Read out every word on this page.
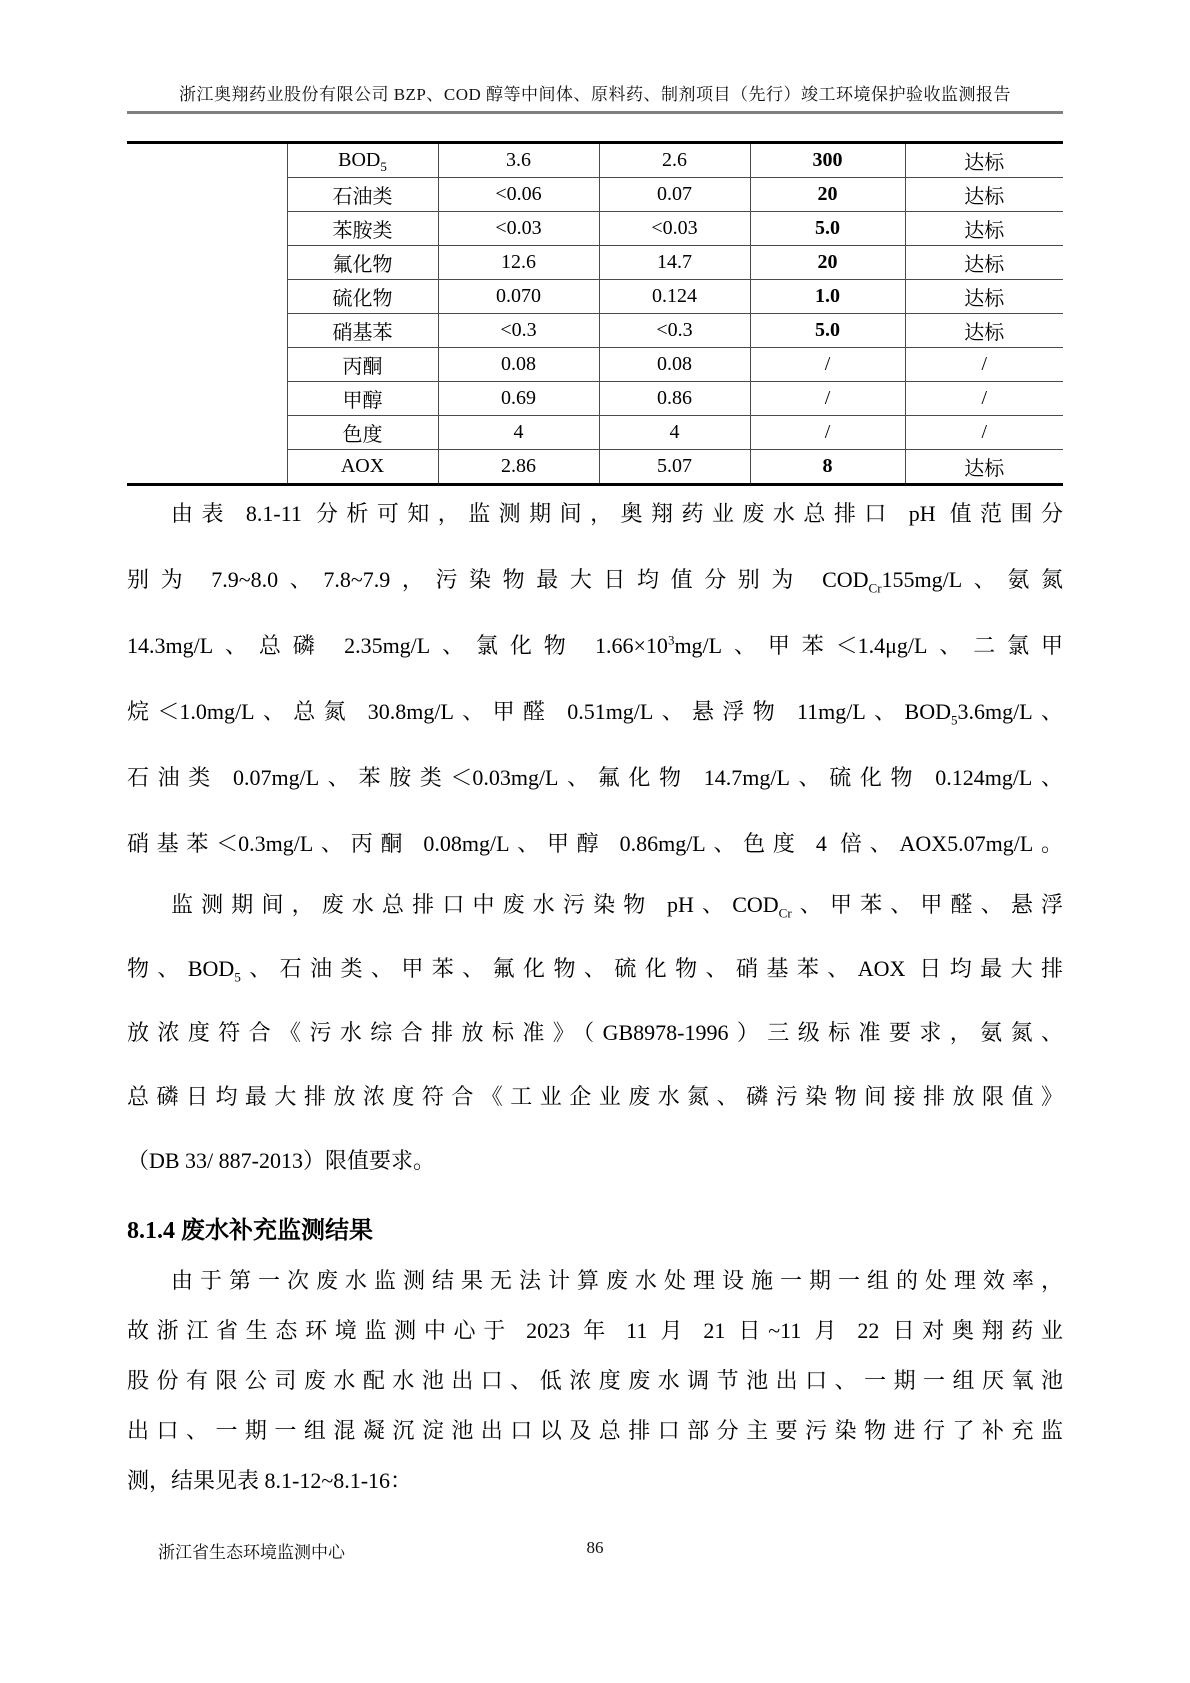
浙江奥翔药业股份有限公司 BZP、COD 醇等中间体、原料药、制剂项目（先行）竣工环境保护验收监测报告
	$BOD_5$	3.6	2.6	300	达标
	石油类	<0.06	0.07	20	达标
	苯胺类	<0.03	<0.03	5.0	达标
	氟化物	12.6	14.7	20	达标
	硫化物	0.070	0.124	1.0	达标
	硝基苯	<0.3	<0.3	5.0	达标
	丙酮	0.08	0.08	/	/
	甲醇	0.69	0.86	/	/
	色度	4	4	/	/
	AOX	2.86	5.07	8	达标
由表 8.1-11 分析可知，监测期间，奥翔药业废水总排口 pH 值范围分
别为 7.9~8.0、7.8~7.9，污染物最大日均值分别为 $COD_{Cr}155mg/L$、氨氮
14.3mg/L、总磷 2.35mg/L、氯化物 $1.66\times 10^3mg/L$、甲苯＜1.4μg/L、二氯甲
烷＜1.0mg/L、总氮 30.8mg/L、甲醛 0.51mg/L、悬浮物 11mg/L、$BOD_53.6mg/L$、
石油类 0.07mg/L、苯胺类＜0.03mg/L、氟化物 14.7mg/L、硫化物 0.124mg/L、
硝基苯＜0.3mg/L、丙酮 0.08mg/L、甲醇 0.86mg/L、色度 4 倍、AOX5.07mg/L。
监测期间，废水总排口中废水污染物 pH、$COD_{Cr}$、甲苯、甲醛、悬浮
物、$BOD_5$、石油类、甲苯、氟化物、硫化物、硝基苯、AOX 日均最大排
放浓度符合《污水综合排放标准》（GB8978-1996）三级标准要求，氨氮、
总磷日均最大排放浓度符合《工业企业废水氮、磷污染物间接排放限值》
（DB 33/ 887-2013）限值要求。
8.1.4 废水补充监测结果
由于第一次废水监测结果无法计算废水处理设施一期一组的处理效率，
故浙江省生态环境监测中心于 2023 年 11 月 21 日~11 月 22 日对奥翔药业
股份有限公司废水配水池出口、低浓度废水调节池出口、一期一组厌氧池
出口、一期一组混凝沉淀池出口以及总排口部分主要污染物进行了补充监
测，结果见表 8.1-12~8.1-16：
浙江省生态环境监测中心	86
